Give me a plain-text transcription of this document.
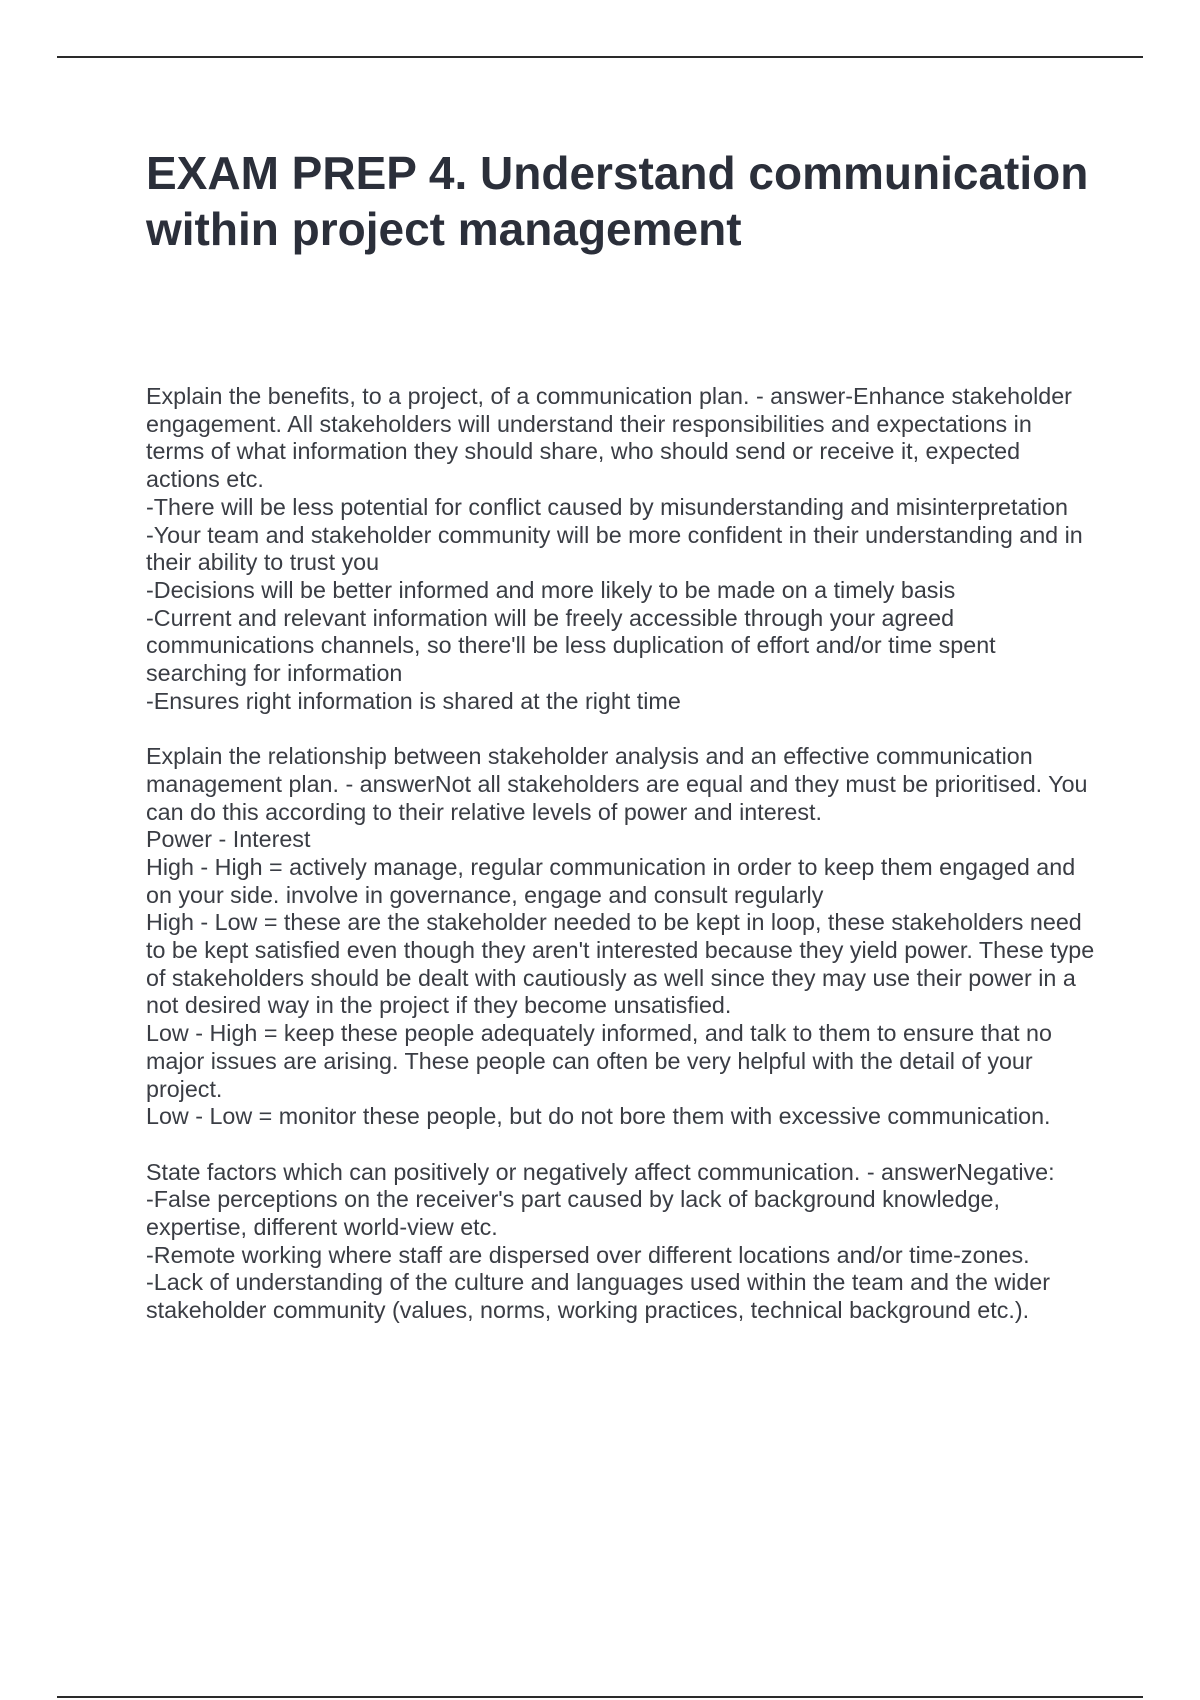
EXAM PREP 4. Understand communication within project management

Explain the benefits, to a project, of a communication plan. - answer-Enhance stakeholder engagement. All stakeholders will understand their responsibilities and expectations in terms of what information they should share, who should send or receive it, expected actions etc.

-There will be less potential for conflict caused by misunderstanding and misinterpretation

-Your team and stakeholder community will be more confident in their understanding and in their ability to trust you

-Decisions will be better informed and more likely to be made on a timely basis

-Current and relevant information will be freely accessible through your agreed communications channels, so there'll be less duplication of effort and/or time spent searching for information

-Ensures right information is shared at the right time

Explain the relationship between stakeholder analysis and an effective communication management plan. - answerNot all stakeholders are equal and they must be prioritised. You can do this according to their relative levels of power and interest.

Power - Interest

High - High = actively manage, regular communication in order to keep them engaged and on your side. involve in governance, engage and consult regularly

High - Low = these are the stakeholder needed to be kept in loop, these stakeholders need to be kept satisfied even though they aren't interested because they yield power. These type of stakeholders should be dealt with cautiously as well since they may use their power in a not desired way in the project if they become unsatisfied.

Low - High = keep these people adequately informed, and talk to them to ensure that no major issues are arising. These people can often be very helpful with the detail of your project.

Low - Low = monitor these people, but do not bore them with excessive communication.

State factors which can positively or negatively affect communication. - answerNegative:

-False perceptions on the receiver's part caused by lack of background knowledge, expertise, different world-view etc.

-Remote working where staff are dispersed over different locations and/or time-zones.

-Lack of understanding of the culture and languages used within the team and the wider stakeholder community (values, norms, working practices, technical background etc.).
